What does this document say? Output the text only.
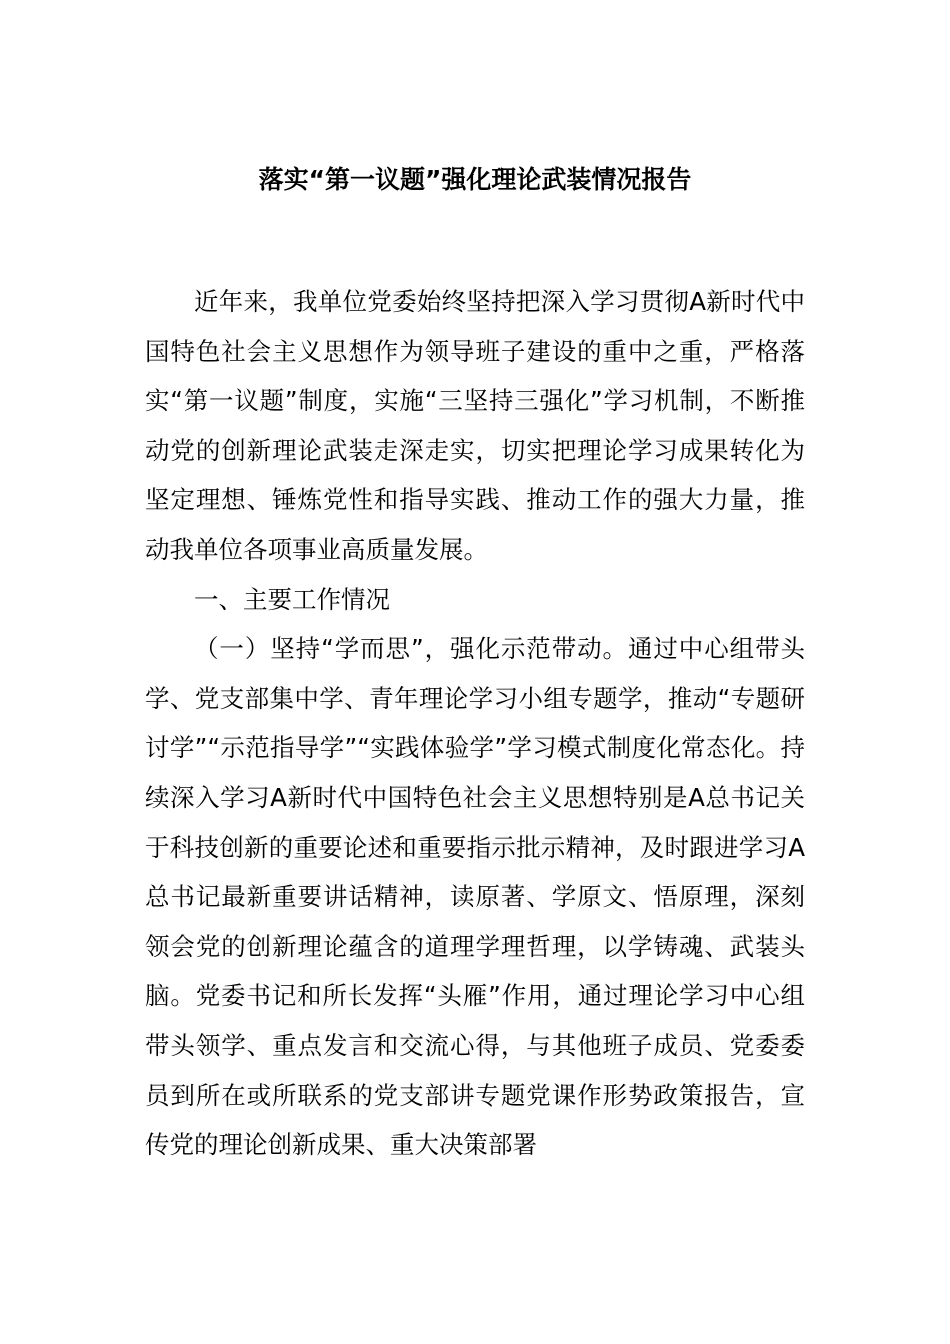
落实“第一议题”强化理论武装情况报告

近年来，我单位党委始终坚持把深入学习贯彻A新时代中国特色社会主义思想作为领导班子建设的重中之重，严格落实“第一议题”制度，实施“三坚持三强化”学习机制，不断推动党的创新理论武装走深走实，切实把理论学习成果转化为坚定理想、锤炼党性和指导实践、推动工作的强大力量，推动我单位各项事业高质量发展。

一、主要工作情况

（一）坚持“学而思”，强化示范带动。通过中心组带头学、党支部集中学、青年理论学习小组专题学，推动“专题研讨学”“示范指导学”“实践体验学”学习模式制度化常态化。持续深入学习A新时代中国特色社会主义思想特别是A总书记关于科技创新的重要论述和重要指示批示精神，及时跟进学习A总书记最新重要讲话精神，读原著、学原文、悟原理，深刻领会党的创新理论蕴含的道理学理哲理，以学铸魂、武装头脑。党委书记和所长发挥“头雁”作用，通过理论学习中心组带头领学、重点发言和交流心得，与其他班子成员、党委委员到所在或所联系的党支部讲专题党课作形势政策报告，宣传党的理论创新成果、重大决策部署
